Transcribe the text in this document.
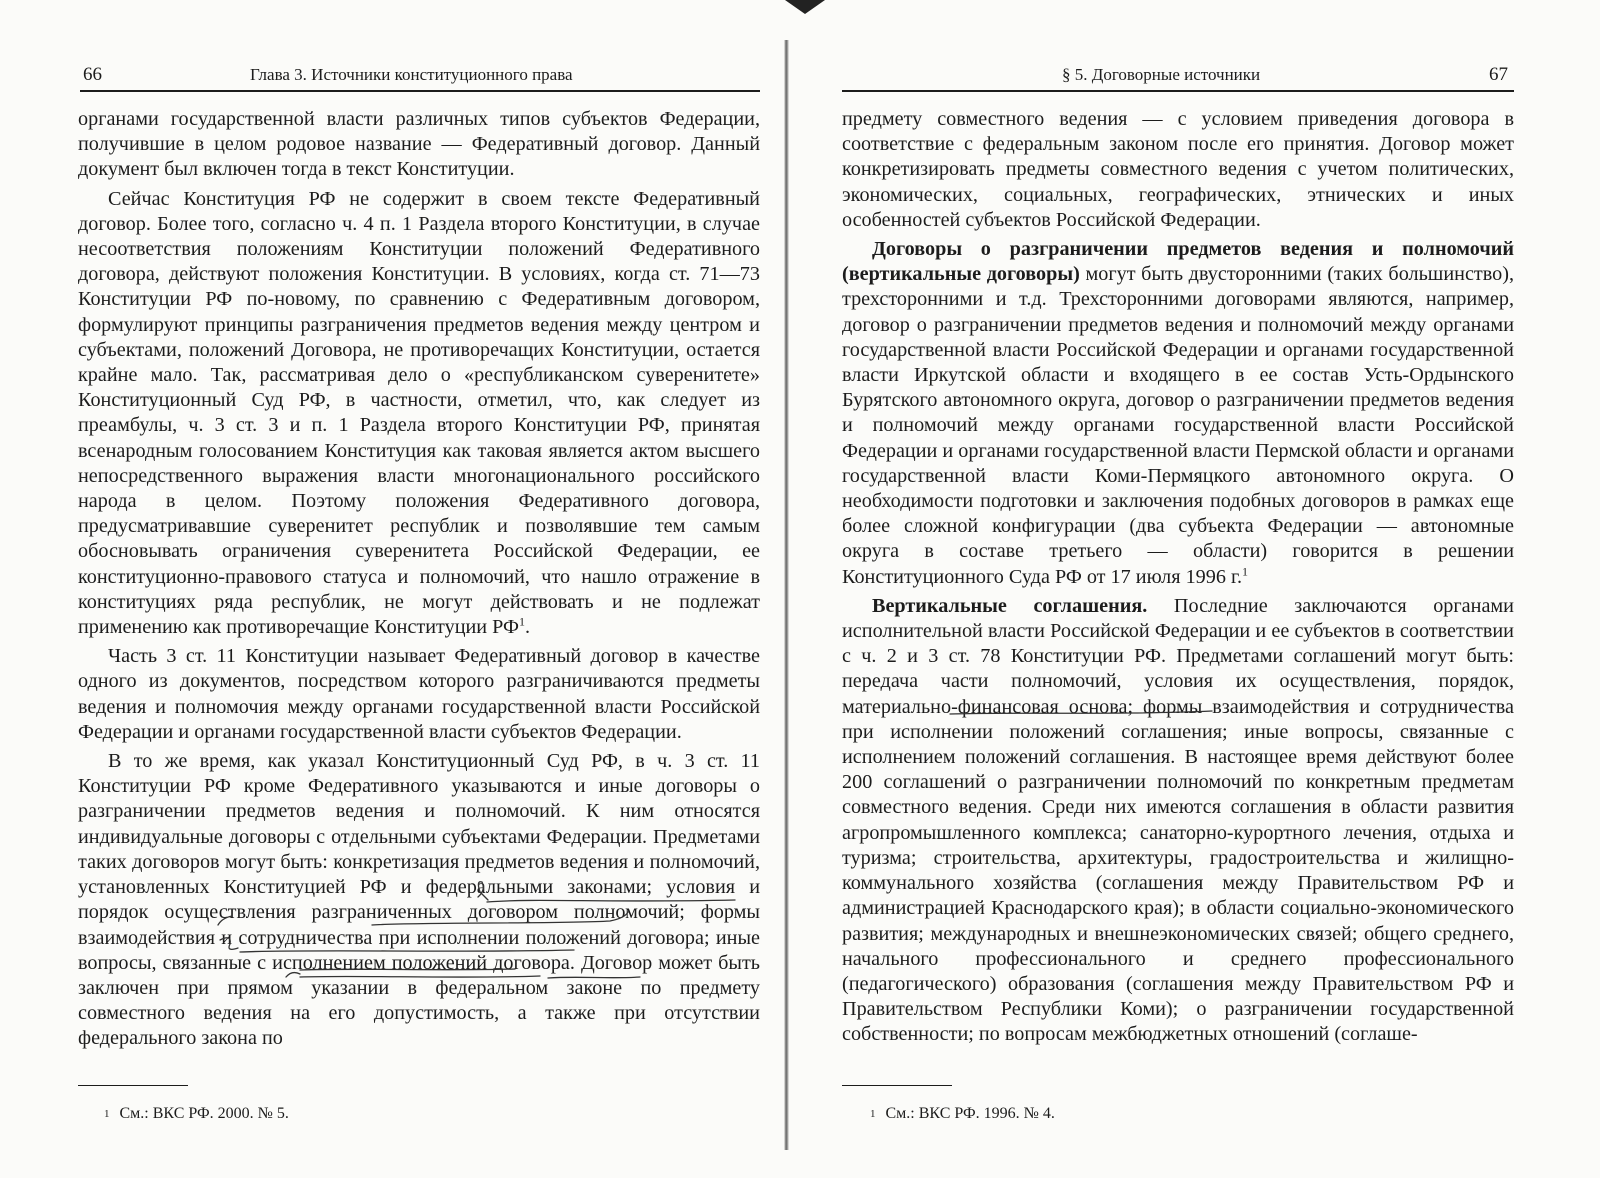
66	Глава 3. Источники конституционного права

органами государственной власти различных типов субъектов Федерации, получившие в целом родовое название — Федеративный договор. Данный документ был включен тогда в текст Конституции.

Сейчас Конституция РФ не содержит в своем тексте Федеративный договор. Более того, согласно ч. 4 п. 1 Раздела второго Конституции, в случае несоответствия положениям Конституции положений Федеративного договора, действуют положения Конституции. В условиях, когда ст. 71—73 Конституции РФ по-новому, по сравнению с Федеративным договором, формулируют принципы разграничения предметов ведения между центром и субъектами, положений Договора, не противоречащих Конституции, остается крайне мало. Так, рассматривая дело о «республиканском суверенитете» Конституционный Суд РФ, в частности, отметил, что, как следует из преамбулы, ч. 3 ст. 3 и п. 1 Раздела второго Конституции РФ, принятая всенародным голосованием Конституция как таковая является актом высшего непосредственного выражения власти многонационального российского народа в целом. Поэтому положения Федеративного договора, предусматривавшие суверенитет республик и позволявшие тем самым обосновывать ограничения суверенитета Российской Федерации, ее конституционно-правового статуса и полномочий, что нашло отражение в конституциях ряда республик, не могут действовать и не подлежат применению как противоречащие Конституции $РФ^1$.

Часть 3 ст. 11 Конституции называет Федеративный договор в качестве одного из документов, посредством которого разграничиваются предметы ведения и полномочия между органами государственной власти Российской Федерации и органами государственной власти субъектов Федерации.

В то же время, как указал Конституционный Суд РФ, в ч. 3 ст. 11 Конституции РФ кроме Федеративного указываются и иные договоры о разграничении предметов ведения и полномочий. К ним относятся индивидуальные договоры с отдельными субъектами Федерации. Предметами таких договоров могут быть: конкретизация предметов ведения и полномочий, установленных Конституцией РФ и федеральными законами; условия и порядок осуществления разграниченных договором полномочий; формы взаимодействия и сотрудничества при исполнении положений договора; иные вопросы, связанные с исполнением положений договора. Договор может быть заключен при прямом указании в федеральном законе по предмету совместного ведения на его допустимость, а также при отсутствии федерального закона по

$^1$ См.: ВКС РФ. 2000. № 5.
§ 5. Договорные источники	67

предмету совместного ведения — с условием приведения договора в соответствие с федеральным законом после его принятия. Договор может конкретизировать предметы совместного ведения с учетом политических, экономических, социальных, географических, этнических и иных особенностей субъектов Российской Федерации.

Договоры о разграничении предметов ведения и полномочий (вертикальные договоры) могут быть двусторонними (таких большинство), трехсторонними и т.д. Трехсторонними договорами являются, например, договор о разграничении предметов ведения и полномочий между органами государственной власти Российской Федерации и органами государственной власти Иркутской области и входящего в ее состав Усть-Ордынского Бурятского автономного округа, договор о разграничении предметов ведения и полномочий между органами государственной власти Российской Федерации и органами государственной власти Пермской области и органами государственной власти Коми-Пермяцкого автономного округа. О необходимости подготовки и заключения подобных договоров в рамках еще более сложной конфигурации (два субъекта Федерации — автономные округа в составе третьего — области) говорится в решении Конституционного Суда РФ от 17 июля 1996 г.$^1$

Вертикальные соглашения. Последние заключаются органами исполнительной власти Российской Федерации и ее субъектов в соответствии с ч. 2 и 3 ст. 78 Конституции РФ. Предметами соглашений могут быть: передача части полномочий, условия их осуществления, порядок, материально-финансовая основа; формы взаимодействия и сотрудничества при исполнении положений соглашения; иные вопросы, связанные с исполнением положений соглашения. В настоящее время действуют более 200 соглашений о разграничении полномочий по конкретным предметам совместного ведения. Среди них имеются соглашения в области развития агропромышленного комплекса; санаторно-курортного лечения, отдыха и туризма; строительства, архитектуры, градостроительства и жилищно-коммунального хозяйства (соглашения между Правительством РФ и администрацией Краснодарского края); в области социально-экономического развития; международных и внешнеэкономических связей; общего среднего, начального профессионального и среднего профессионального (педагогического) образования (соглашения между Правительством РФ и Правительством Республики Коми); о разграничении государственной собственности; по вопросам межбюджетных отношений (соглаше-

$^1$ См.: ВКС РФ. 1996. № 4.
